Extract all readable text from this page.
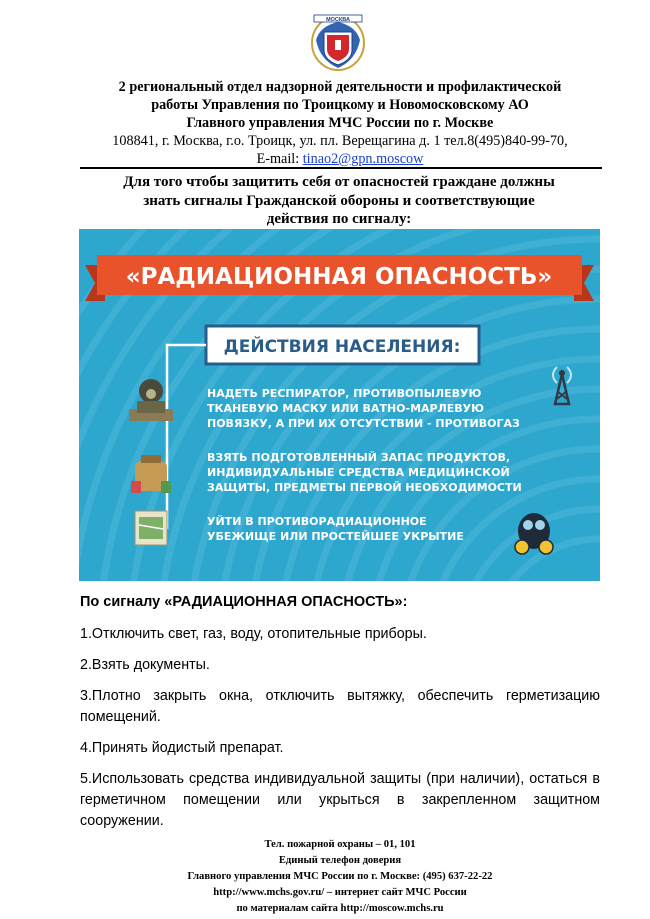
МОСКВА
2 региональный отдел надзорной деятельности и профилактической
работы Управления по Троицкому и Новомосковскому АО
Главного управления МЧС России по г. Москве
108841, г. Москва, г.о. Троицк, ул. пл. Верещагина д. 1 тел.8(495)840-99-70,
E-mail: tinao2@gpn.moscow
Для того чтобы защитить себя от опасностей граждане должны
знать сигналы Гражданской обороны и соответствующие
действия по сигналу:
«РАДИАЦИОННАЯ ОПАСНОСТЬ»
ДЕЙСТВИЯ НАСЕЛЕНИЯ:
НАДЕТЬ РЕСПИРАТОР, ПРОТИВОПЫЛЕВУЮ
ТКАНЕВУЮ МАСКУ ИЛИ ВАТНО-МАРЛЕВУЮ
ПОВЯЗКУ, А ПРИ ИХ ОТСУТСТВИИ - ПРОТИВОГАЗ
ВЗЯТЬ ПОДГОТОВЛЕННЫЙ ЗАПАС ПРОДУКТОВ,
ИНДИВИДУАЛЬНЫЕ СРЕДСТВА МЕДИЦИНСКОЙ
ЗАЩИТЫ, ПРЕДМЕТЫ ПЕРВОЙ НЕОБХОДИМОСТИ
УЙТИ В ПРОТИВОРАДИАЦИОННОЕ
УБЕЖИЩЕ ИЛИ ПРОСТЕЙШЕЕ УКРЫТИЕ
По сигналу «РАДИАЦИОННАЯ ОПАСНОСТЬ»:

1.Отключить свет, газ, воду, отопительные приборы.

2.Взять документы.

3.Плотно закрыть окна, отключить вытяжку, обеспечить герметизацию помещений.

4.Принять йодистый препарат.

5.Использовать средства индивидуальной защиты (при наличии), остаться в герметичном помещении или укрыться в закрепленном защитном сооружении.

Тел. пожарной охраны – 01, 101
Единый телефон доверия
Главного управления МЧС России по г. Москве: (495) 637-22-22
http://www.mchs.gov.ru/ – интернет сайт МЧС России
по материалам сайта http://moscow.mchs.ru
